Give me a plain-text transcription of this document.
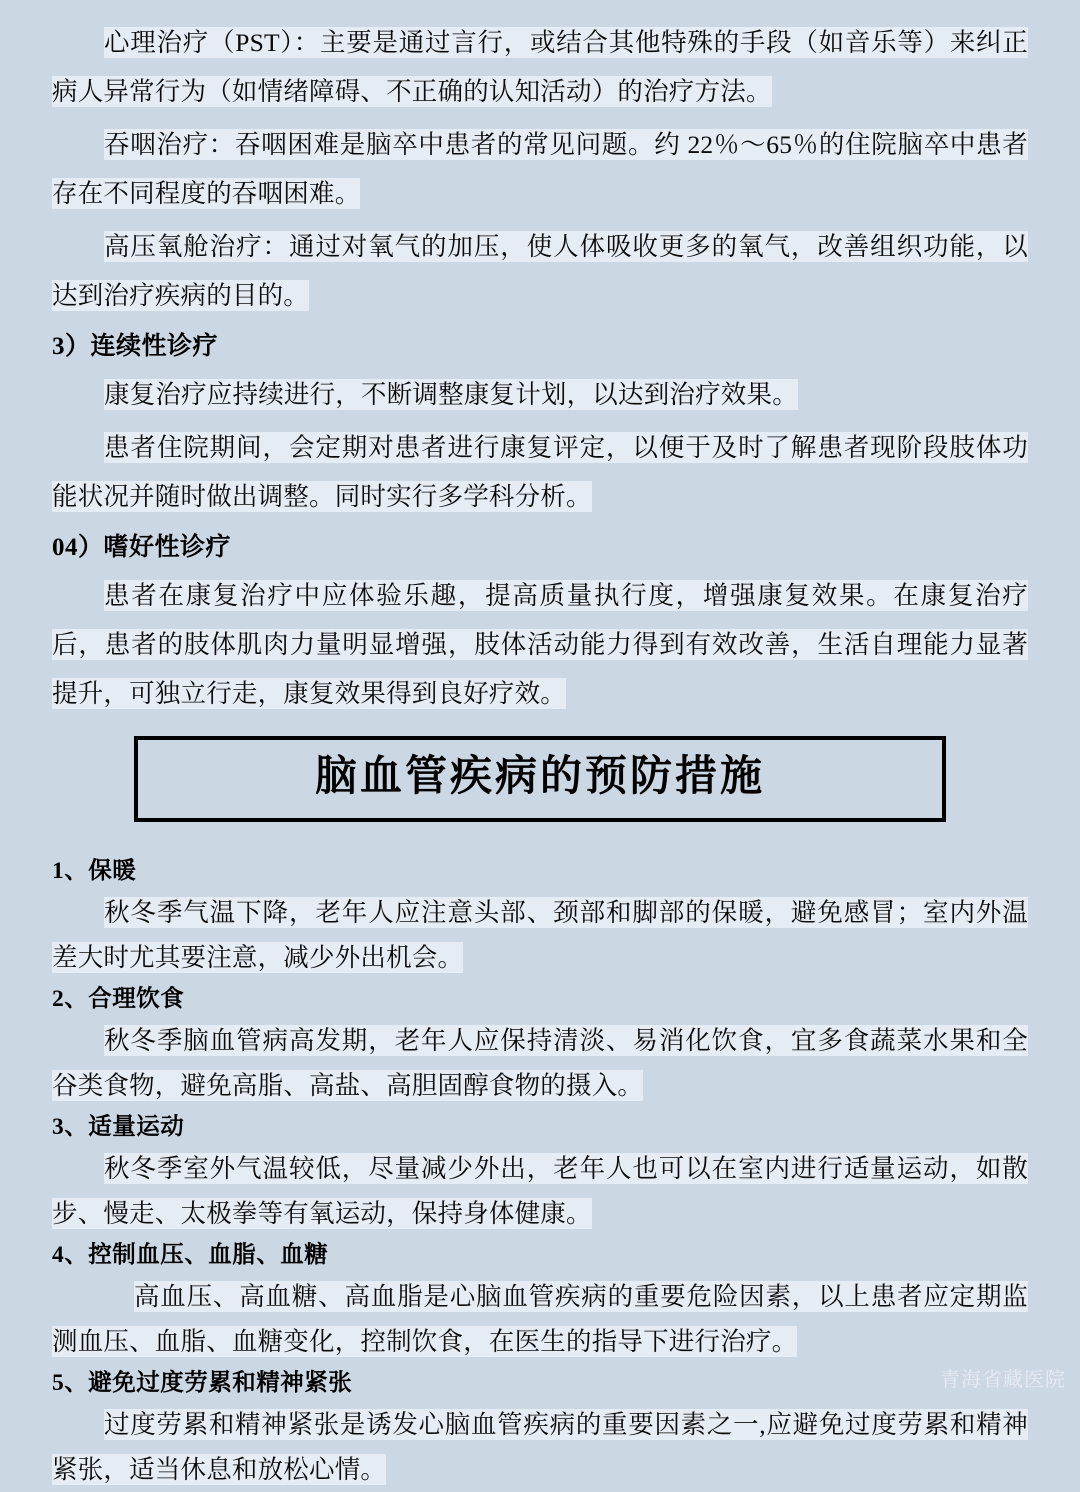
心理治疗（PST）：主要是通过言行，或结合其他特殊的手段（如音乐等）来纠正病人异常行为（如情绪障碍、不正确的认知活动）的治疗方法。

吞咽治疗：吞咽困难是脑卒中患者的常见问题。约 22％～65％的住院脑卒中患者存在不同程度的吞咽困难。

高压氧舱治疗：通过对氧气的加压，使人体吸收更多的氧气，改善组织功能，以达到治疗疾病的目的。

3）连续性诊疗

康复治疗应持续进行，不断调整康复计划，以达到治疗效果。

患者住院期间，会定期对患者进行康复评定，以便于及时了解患者现阶段肢体功能状况并随时做出调整。同时实行多学科分析。

04）嗜好性诊疗

患者在康复治疗中应体验乐趣，提高质量执行度，增强康复效果。在康复治疗后，患者的肢体肌肉力量明显增强，肢体活动能力得到有效改善，生活自理能力显著提升，可独立行走，康复效果得到良好疗效。

脑血管疾病的预防措施

1、保暖

秋冬季气温下降，老年人应注意头部、颈部和脚部的保暖，避免感冒；室内外温差大时尤其要注意，减少外出机会。

2、合理饮食

秋冬季脑血管病高发期，老年人应保持清淡、易消化饮食，宜多食蔬菜水果和全谷类食物，避免高脂、高盐、高胆固醇食物的摄入。

3、适量运动

秋冬季室外气温较低，尽量减少外出，老年人也可以在室内进行适量运动，如散步、慢走、太极拳等有氧运动，保持身体健康。

4、控制血压、血脂、血糖

高血压、高血糖、高血脂是心脑血管疾病的重要危险因素，以上患者应定期监测血压、血脂、血糖变化，控制饮食，在医生的指导下进行治疗。

5、避免过度劳累和精神紧张

过度劳累和精神紧张是诱发心脑血管疾病的重要因素之一,应避免过度劳累和精神紧张，适当休息和放松心情。

青海省藏医院
